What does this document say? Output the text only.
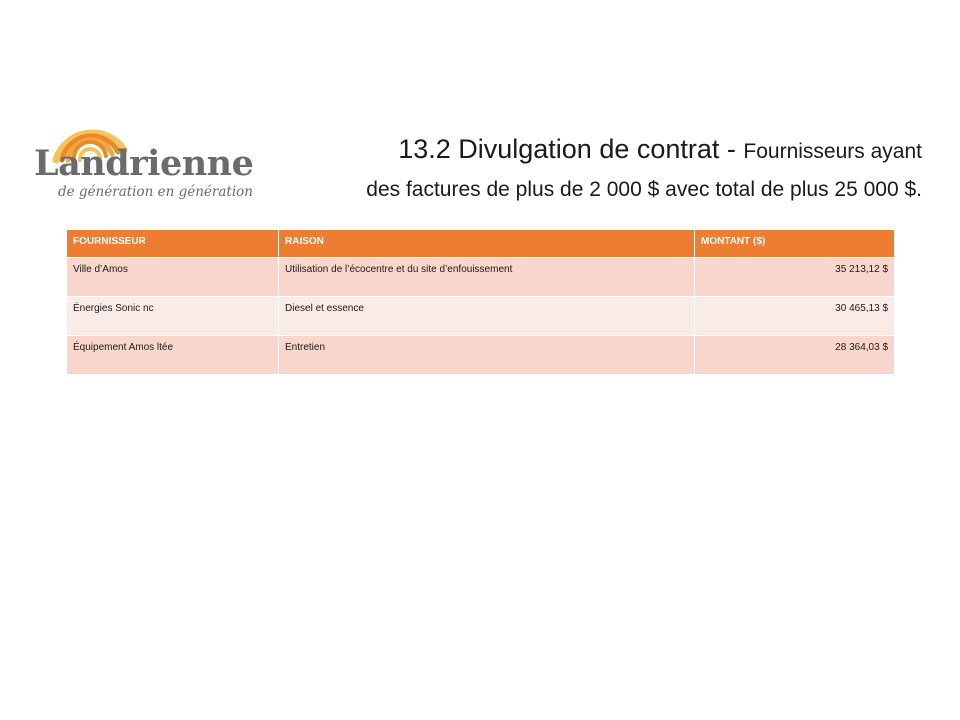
Landrienne
de génération en génération
13.2 Divulgation de contrat - Fournisseurs ayant
des factures de plus de 2 000 $ avec total de plus 25 000 $.
FOURNISSEUR	RAISON	MONTANT ($)
Ville d’Amos	Utilisation de l’écocentre et du site d’enfouissement	35 213,12 $
Énergies Sonic nc	Diesel et essence	30 465,13 $
Équipement Amos ltée	Entretien	28 364,03 $
